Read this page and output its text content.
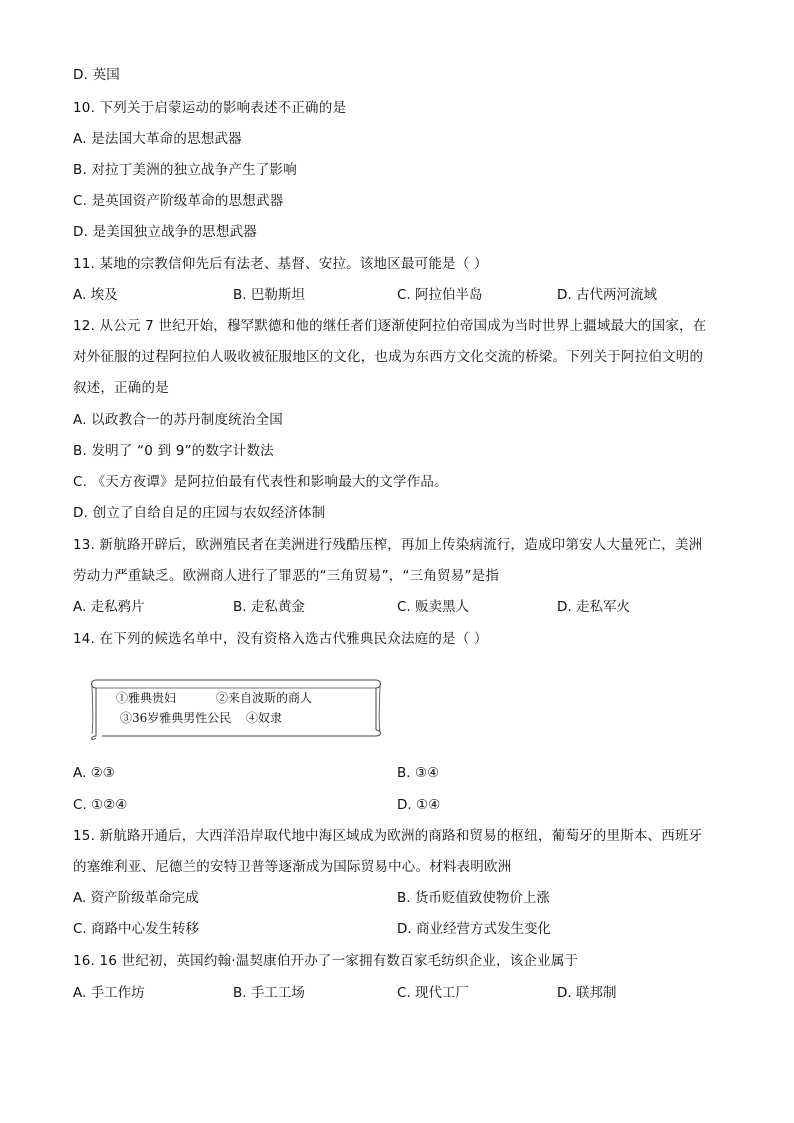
D. 英国
10. 下列关于启蒙运动的影响表述不正确的是
A. 是法国大革命的思想武器
B. 对拉丁美洲的独立战争产生了影响
C. 是英国资产阶级革命的思想武器
D. 是美国独立战争的思想武器
11. 某地的宗教信仰先后有法老、基督、安拉。该地区最可能是（ ）
A. 埃及	B. 巴勒斯坦	C. 阿拉伯半岛	D. 古代两河流域
12. 从公元 7 世纪开始，穆罕默德和他的继任者们逐渐使阿拉伯帝国成为当时世界上疆域最大的国家，在
对外征服的过程阿拉伯人吸收被征服地区的文化，也成为东西方文化交流的桥梁。下列关于阿拉伯文明的
叙述，正确的是
A. 以政教合一的苏丹制度统治全国
B. 发明了 “0 到 9”的数字计数法
C. 《天方夜谭》是阿拉伯最有代表性和影响最大的文学作品。
D. 创立了自给自足的庄园与农奴经济体制
13. 新航路开辟后，欧洲殖民者在美洲进行残酷压榨，再加上传染病流行，造成印第安人大量死亡，美洲
劳动力严重缺乏。欧洲商人进行了罪恶的“三角贸易”，“三角贸易”是指
A. 走私鸦片	B. 走私黄金	C. 贩卖黑人	D. 走私军火
14. 在下列的候选名单中，没有资格入选古代雅典民众法庭的是（ ）
①雅典贵妇	②来自波斯的商人
③36岁雅典男性公民 ④奴隶
A. ②③	B. ③④
C. ①②④	D. ①④
15. 新航路开通后，大西洋沿岸取代地中海区域成为欧洲的商路和贸易的枢纽，葡萄牙的里斯本、西班牙
的塞维利亚、尼德兰的安特卫普等逐渐成为国际贸易中心。材料表明欧洲
A. 资产阶级革命完成	B. 货币贬值致使物价上涨
C. 商路中心发生转移	D. 商业经营方式发生变化
16. 16 世纪初，英国约翰·温契康伯开办了一家拥有数百家毛纺织企业，该企业属于
A. 手工作坊	B. 手工工场	C. 现代工厂	D. 联邦制
